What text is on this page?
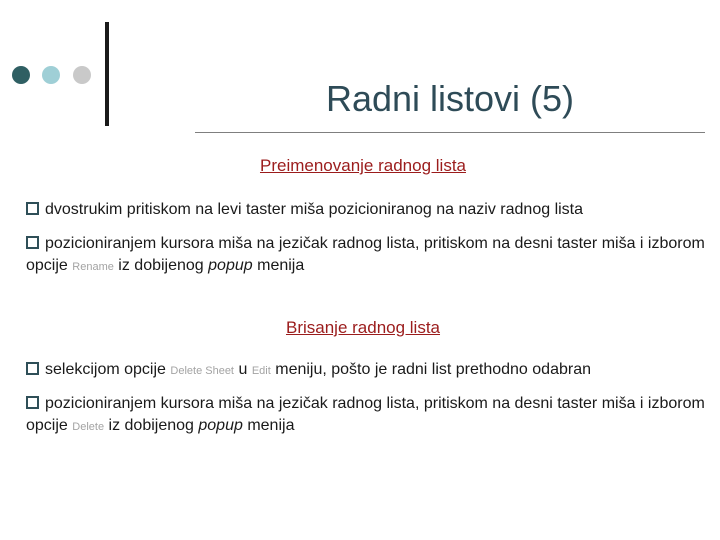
Radni listovi (5)
Preimenovanje radnog lista
dvostrukim pritiskom na levi taster miša pozicioniranog na naziv radnog lista
pozicioniranjem kursora miša na jezičak radnog lista, pritiskom na desni taster miša i izborom opcije Rename iz dobijenog popup menija
Brisanje radnog lista
selekcijom opcije Delete Sheet u Edit meniju, pošto je radni list prethodno odabran
pozicioniranjem kursora miša na jezičak radnog lista, pritiskom na desni taster miša i izborom opcije Delete iz dobijenog popup menija
